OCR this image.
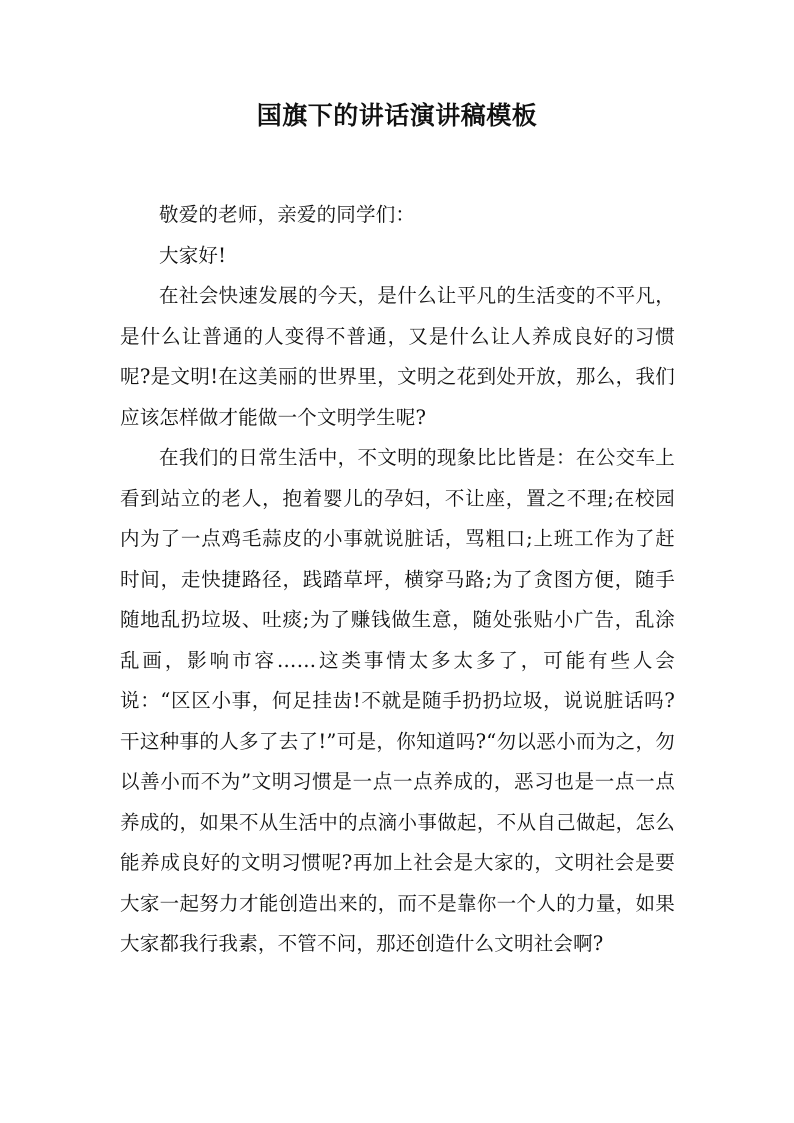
国旗下的讲话演讲稿模板

敬爱的老师，亲爱的同学们：

大家好!

在社会快速发展的今天，是什么让平凡的生活变的不平凡，是什么让普通的人变得不普通，又是什么让人养成良好的习惯呢?是文明!在这美丽的世界里，文明之花到处开放，那么，我们应该怎样做才能做一个文明学生呢?

在我们的日常生活中，不文明的现象比比皆是：在公交车上看到站立的老人，抱着婴儿的孕妇，不让座，置之不理;在校园内为了一点鸡毛蒜皮的小事就说脏话，骂粗口;上班工作为了赶时间，走快捷路径，践踏草坪，横穿马路;为了贪图方便，随手随地乱扔垃圾、吐痰;为了赚钱做生意，随处张贴小广告，乱涂乱画，影响市容……这类事情太多太多了，可能有些人会说：“区区小事，何足挂齿!不就是随手扔扔垃圾，说说脏话吗?干这种事的人多了去了!”可是，你知道吗?“勿以恶小而为之，勿以善小而不为”文明习惯是一点一点养成的，恶习也是一点一点养成的，如果不从生活中的点滴小事做起，不从自己做起，怎么能养成良好的文明习惯呢?再加上社会是大家的，文明社会是要大家一起努力才能创造出来的，而不是靠你一个人的力量，如果大家都我行我素，不管不问，那还创造什么文明社会啊?
